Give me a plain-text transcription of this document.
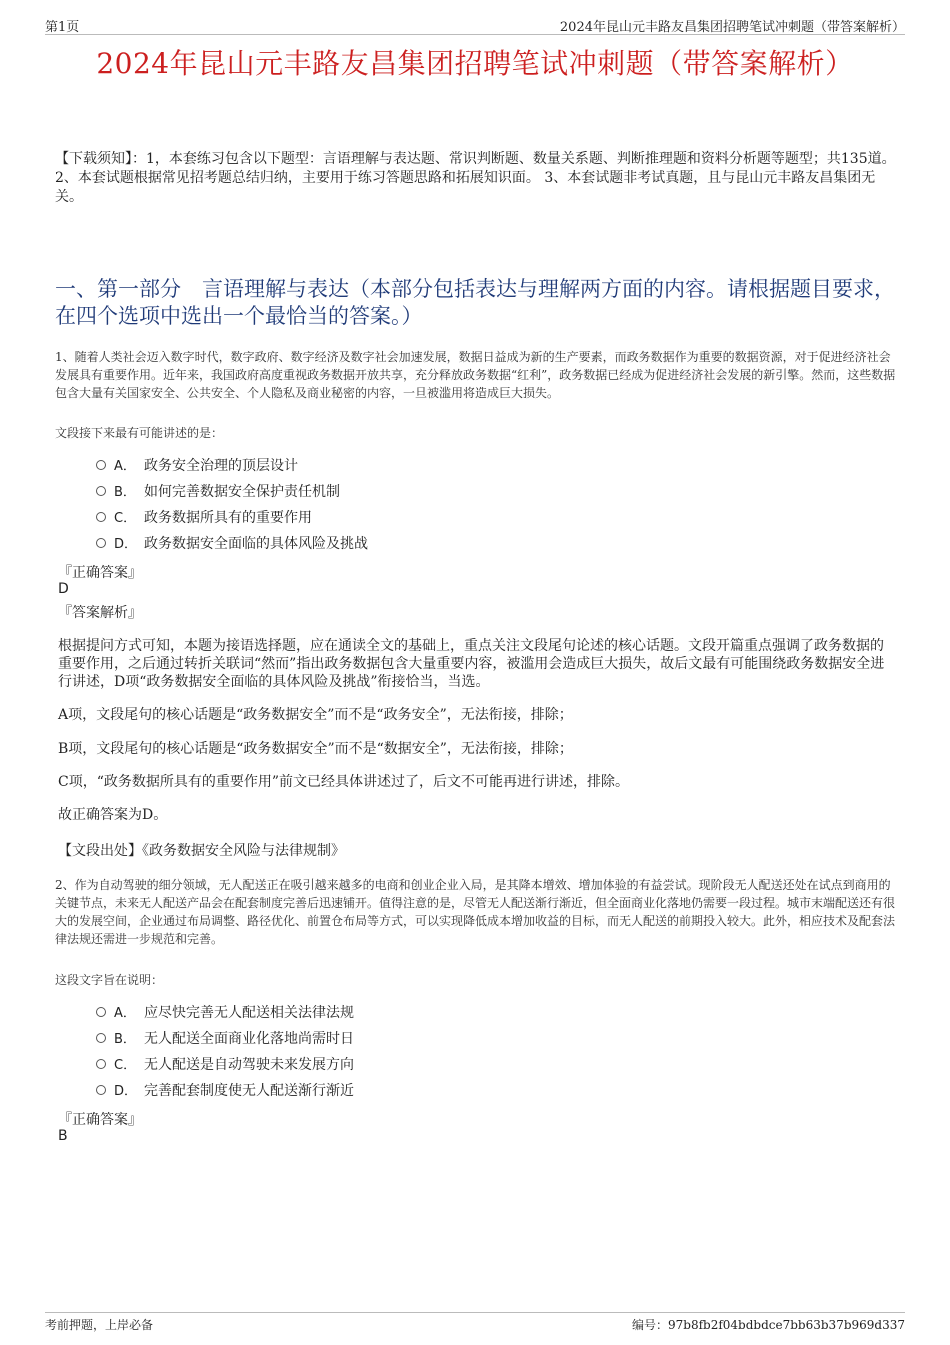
第1页	2024年昆山元丰路友昌集团招聘笔试冲刺题（带答案解析）
2024年昆山元丰路友昌集团招聘笔试冲刺题（带答案解析）
【下载须知】：1，本套练习包含以下题型：言语理解与表达题、常识判断题、数量关系题、判断推理题和资料分析题等题型；共135道。 2、本套试题根据常见招考题总结归纳，主要用于练习答题思路和拓展知识面。 3、本套试题非考试真题，且与昆山元丰路友昌集团无关。
一、第一部分　言语理解与表达（本部分包括表达与理解两方面的内容。请根据题目要求，在四个选项中选出一个最恰当的答案。）
1、随着人类社会迈入数字时代，数字政府、数字经济及数字社会加速发展，数据日益成为新的生产要素，而政务数据作为重要的数据资源，对于促进经济社会发展具有重要作用。近年来，我国政府高度重视政务数据开放共享，充分释放政务数据“红利”，政务数据已经成为促进经济社会发展的新引擎。然而，这些数据包含大量有关国家安全、公共安全、个人隐私及商业秘密的内容，一旦被滥用将造成巨大损失。
文段接下来最有可能讲述的是：
A． 政务安全治理的顶层设计
B． 如何完善数据安全保护责任机制
C． 政务数据所具有的重要作用
D． 政务数据安全面临的具体风险及挑战
『正确答案』
D
『答案解析』
根据提问方式可知，本题为接语选择题，应在通读全文的基础上，重点关注文段尾句论述的核心话题。文段开篇重点强调了政务数据的重要作用，之后通过转折关联词“然而”指出政务数据包含大量重要内容，被滥用会造成巨大损失，故后文最有可能围绕政务数据安全进行讲述，D项“政务数据安全面临的具体风险及挑战”衔接恰当，当选。
A项，文段尾句的核心话题是“政务数据安全”而不是“政务安全”，无法衔接，排除；
B项，文段尾句的核心话题是“政务数据安全”而不是“数据安全”，无法衔接，排除；
C项，“政务数据所具有的重要作用”前文已经具体讲述过了，后文不可能再进行讲述，排除。
故正确答案为D。
【文段出处】《政务数据安全风险与法律规制》
2、作为自动驾驶的细分领域，无人配送正在吸引越来越多的电商和创业企业入局，是其降本增效、增加体验的有益尝试。现阶段无人配送还处在试点到商用的关键节点，未来无人配送产品会在配套制度完善后迅速铺开。值得注意的是，尽管无人配送渐行渐近，但全面商业化落地仍需要一段过程。城市末端配送还有很大的发展空间，企业通过布局调整、路径优化、前置仓布局等方式，可以实现降低成本增加收益的目标，而无人配送的前期投入较大。此外，相应技术及配套法律法规还需进一步规范和完善。
这段文字旨在说明：
A． 应尽快完善无人配送相关法律法规
B． 无人配送全面商业化落地尚需时日
C． 无人配送是自动驾驶未来发展方向
D． 完善配套制度使无人配送渐行渐近
『正确答案』
B
考前押题，上岸必备	编号：97b8fb2f04bdbdce7bb63b37b969d337
